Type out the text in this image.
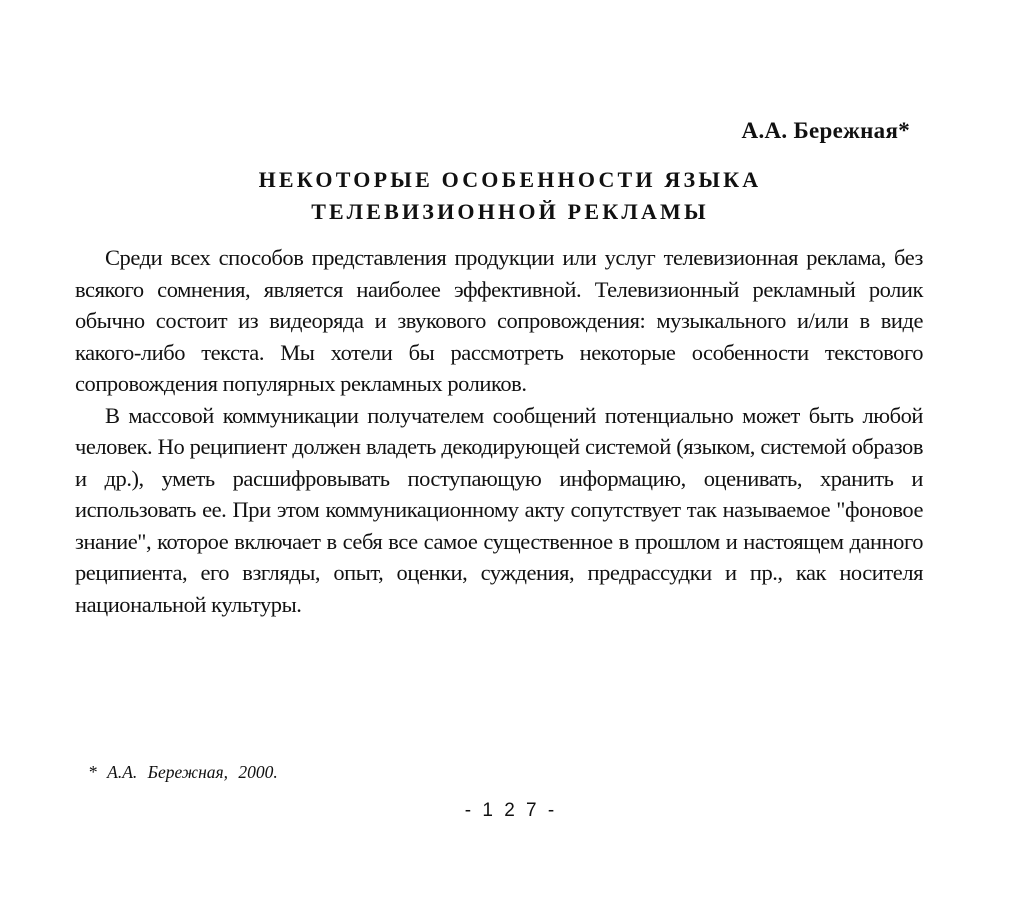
А.А. Бережная*
НЕКОТОРЫЕ ОСОБЕННОСТИ ЯЗЫКА
ТЕЛЕВИЗИОННОЙ РЕКЛАМЫ

Среди всех способов представления продукции или услуг телевизионная реклама, без всякого сомнения, является наиболее эффективной. Телевизионный рекламный ролик обычно состоит из видеоряда и звукового сопровождения: музыкального и/или в виде какого-либо текста. Мы хотели бы рассмотреть некоторые особенности текстового сопровождения популярных рекламных роликов.

В массовой коммуникации получателем сообщений потенциально может быть любой человек. Но реципиент должен владеть декодирующей системой (языком, системой образов и др.), уметь расшифровывать поступающую информацию, оценивать, хранить и использовать ее. При этом коммуникационному акту сопутствует так называемое "фоновое знание", которое включает в себя все самое существенное в прошлом и настоящем данного реципиента, его взгляды, опыт, оценки, суждения, предрассудки и пр., как носителя национальной культуры.

* А.А. Бережная, 2000.
- 1 2 7 -
